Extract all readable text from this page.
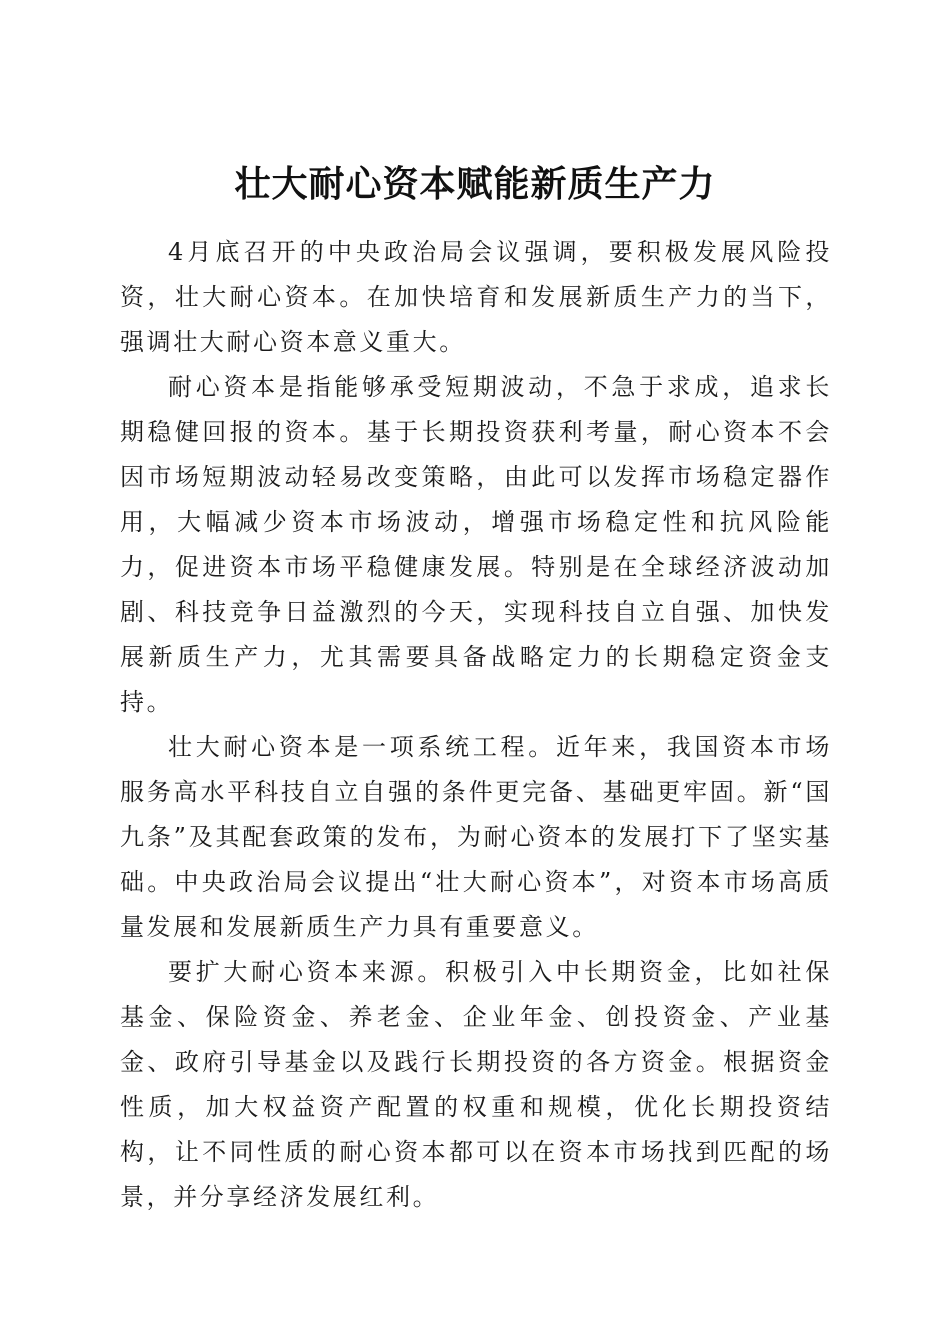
壮大耐心资本赋能新质生产力

4月底召开的中央政治局会议强调，要积极发展风险投资，壮大耐心资本。在加快培育和发展新质生产力的当下，强调壮大耐心资本意义重大。

耐心资本是指能够承受短期波动，不急于求成，追求长期稳健回报的资本。基于长期投资获利考量，耐心资本不会因市场短期波动轻易改变策略，由此可以发挥市场稳定器作用，大幅减少资本市场波动，增强市场稳定性和抗风险能力，促进资本市场平稳健康发展。特别是在全球经济波动加剧、科技竞争日益激烈的今天，实现科技自立自强、加快发展新质生产力，尤其需要具备战略定力的长期稳定资金支持。

壮大耐心资本是一项系统工程。近年来，我国资本市场服务高水平科技自立自强的条件更完备、基础更牢固。新“国九条”及其配套政策的发布，为耐心资本的发展打下了坚实基础。中央政治局会议提出“壮大耐心资本”，对资本市场高质量发展和发展新质生产力具有重要意义。

要扩大耐心资本来源。积极引入中长期资金，比如社保基金、保险资金、养老金、企业年金、创投资金、产业基金、政府引导基金以及践行长期投资的各方资金。根据资金性质，加大权益资产配置的权重和规模，优化长期投资结构，让不同性质的耐心资本都可以在资本市场找到匹配的场景，并分享经济发展红利。
